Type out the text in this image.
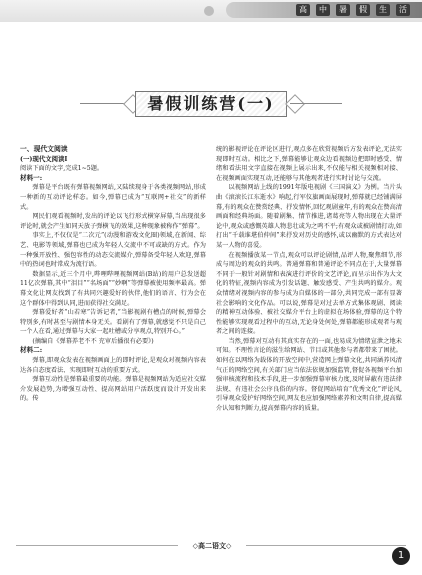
高	中	暑	假	生	活
暑假训练营(一)

一、现代文阅读

(一)现代文阅读Ⅰ

阅读下面的文字,完成1~5题。

材料一:

弹幕是平台既有弹幕视频网站,又陆续现身于各类视频网站,形成一种新的互动评论样态。如今,弹幕已成为“互联网+社交”的新样式。

网民们观看视频时,发出的评论以飞行形式横穿屏幕,当出现很多评论时,就会产生如同天放子弹横飞的效果,这种现象被称作“弹幕”。

事实上,不仅仅是“二次元”(动漫和游戏文化圈)领域,在新闻、综艺、电影等领域,弹幕也已成为年轻人交流中不可或缺的方式。作为一种强开放性、强包容性的动态交流媒介,弹幕备受年轻人欢迎,弹幕中的热词也时常成为流行语。

数据显示,近三个月中,哔哩哔哩视频网站(B站)的用户总发送超11亿次弹幕,其中“泪目”“名场面”“妙啊”等弹幕被使用频率最高。弹幕文化让网友找到了有共同兴趣爱好的伙伴,他们的语言、行为会在这个群体中得到认同,进而获得社交满足。

弹幕爱好者“山若寒”告诉记者,“当影视剧有槽点的时候,弹幕会特别多,有时甚至与剧情本身无关。看剧有了弹幕,就感觉不只是自己一个人在看,通过弹幕与大家一起吐槽或分享观点,特别开心。”

(摘编自《弹幕养老不不 充审后播很有必要》)

材料二:

弹幕,即观众发表在视频画面上的即时评论,是观众对视频内容表达各自态度看法、实现即时互动的重要方式。

弹幕互动性是弹幕最重要的功能。弹幕是视频网站为适应社交媒介发展趋势,为增强互动性、提高网站用户活跃度而设计开发出来的。传

统的影视评论在评论区进行,观点多在欣赏视频后方发表评论,无法实现即时互动。相比之下,弹幕能够让观众边看视频边把即时感受、情绪和看法用文字直接在视频上展示出来,不仅能与相关视频相对接、在视频画面实现互动,还能够与其他观者进行实时讨论与交流。

以视频网站上线的1991年版电视剧《三国演义》为例。当片头曲《滚滚长江东逝水》响起,行军仪旗画面展现时,弹幕就已经铺满屏幕,有的观众在赞赏经典、抒发情怀,回忆观剧童年,有的观众在赞高清画面和经典场面。随着剧集、情节推进,诸葛亮等人物出现在大量评论中,观众或感慨英雄人物悲壮或为之鸣不平;有观众或被剧情打动,如打出“千载谁堪伯仲间”来抒发对历史的感怀,或以幽默的方式表达对某一人物的喜爱。

在视频播放某一节点,观众可以评论剧情,品评人物,聚焦细节,形成与周边的观众的共鸣。普通弹幕和普通评论不同点在于,大量弹幕不同于一般针对剧情和表演进行评价的文艺评论,而呈示出作为大文化的特征,视频内容成为引发话题、触发感受、产生共鸣的媒介。观众情绪对视频内容的参与成为自媒体的一部分,共同完成一部有显著社会影响的文化作品。可以说,弹幕是对过去单方式集体观剧、阅读的精神互动体验、被社交媒介平台上的虚拟在场体验,弹幕的这个特性能够实现观看过程中的互动,无论身处何处,弹幕都能形成观者与观者之间的连接。

当然,弹幕对互动有其真实存在的一面,也易成为情绪宣泄之地未可知。不理性言论的滋生给网站、节目或其他参与者都带来了困扰。如何在以网络为载体的开放空间中,营造网上弹幕文化,共同涵养风清气正的网络空间,有关部门应当依法依规加强监管,督促各视频平台加强审核流程和技术手段,进一步加强弹幕审核力度,及时屏蔽有违法律法规、有违社会公序良俗的内容。督促网站培育“优秀文化”评论风,引导观众爱护好网络空间,网友也应加强网络素养和文明自律,提高媒介认知和判断力,提高弹幕内容的质量。

◇高二语文◇
1
